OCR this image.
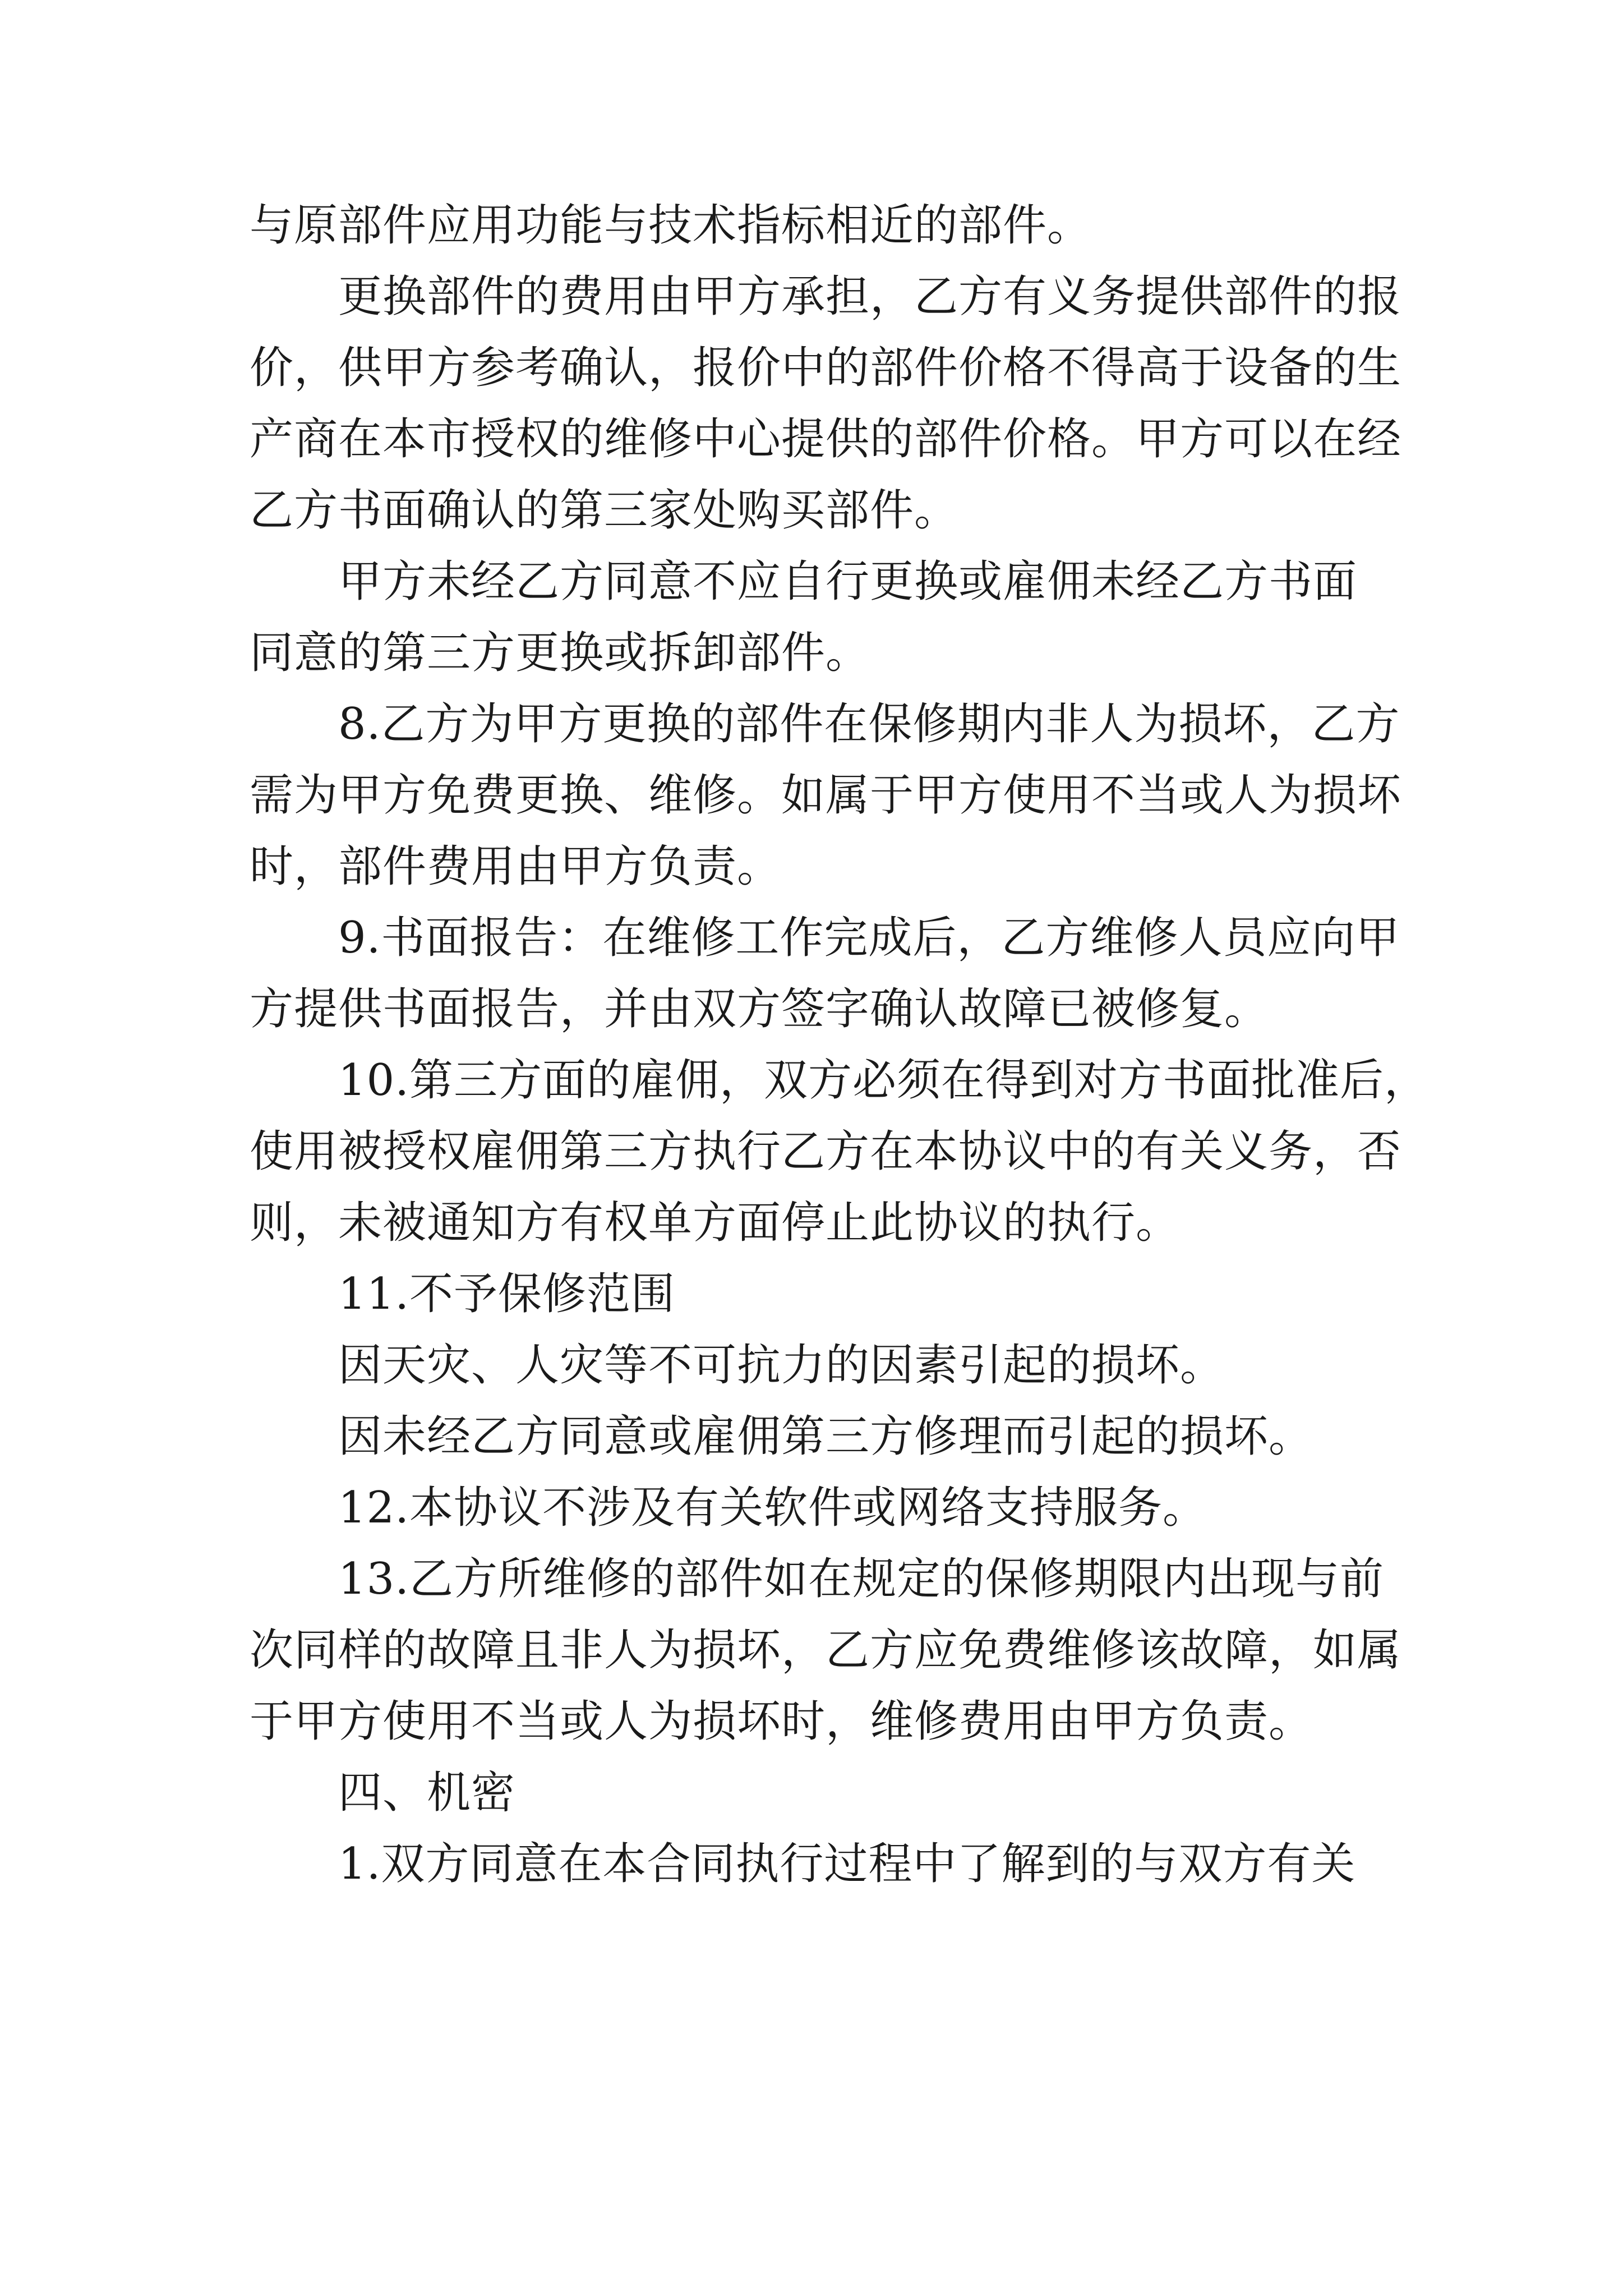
与原部件应用功能与技术指标相近的部件。
更换部件的费用由甲方承担，乙方有义务提供部件的报
价，供甲方参考确认，报价中的部件价格不得高于设备的生
产商在本市授权的维修中心提供的部件价格。甲方可以在经
乙方书面确认的第三家处购买部件。
甲方未经乙方同意不应自行更换或雇佣未经乙方书面
同意的第三方更换或拆卸部件。
8.乙方为甲方更换的部件在保修期内非人为损坏，乙方
需为甲方免费更换、维修。如属于甲方使用不当或人为损坏
时，部件费用由甲方负责。
9.书面报告：在维修工作完成后，乙方维修人员应向甲
方提供书面报告，并由双方签字确认故障已被修复。
10.第三方面的雇佣，双方必须在得到对方书面批准后，
使用被授权雇佣第三方执行乙方在本协议中的有关义务，否
则，未被通知方有权单方面停止此协议的执行。
11.不予保修范围
因天灾、人灾等不可抗力的因素引起的损坏。
因未经乙方同意或雇佣第三方修理而引起的损坏。
12.本协议不涉及有关软件或网络支持服务。
13.乙方所维修的部件如在规定的保修期限内出现与前
次同样的故障且非人为损坏，乙方应免费维修该故障，如属
于甲方使用不当或人为损坏时，维修费用由甲方负责。
四、机密
1.双方同意在本合同执行过程中了解到的与双方有关
